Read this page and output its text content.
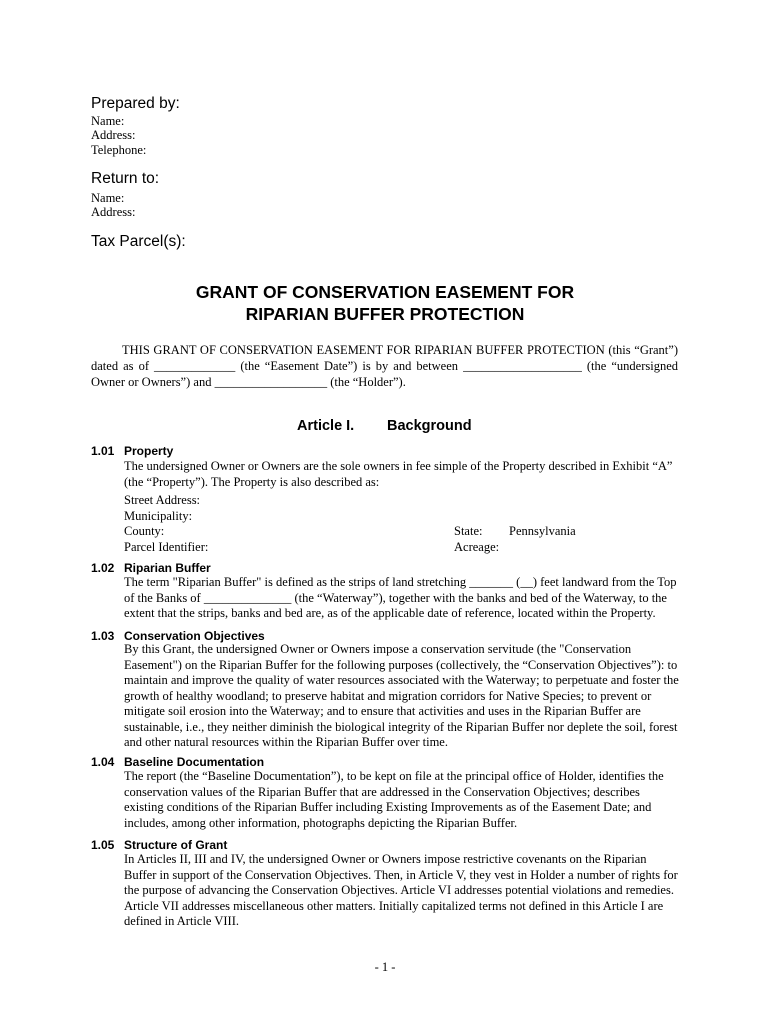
Prepared by:
Name:
Address:
Telephone:
Return to:
Name:
Address:
Tax Parcel(s):
GRANT OF CONSERVATION EASEMENT FOR
RIPARIAN BUFFER PROTECTION
THIS GRANT OF CONSERVATION EASEMENT FOR RIPARIAN BUFFER PROTECTION (this “Grant”) dated as of _____________ (the “Easement Date”) is by and between ___________________ (the “undersigned Owner or Owners”) and __________________ (the “Holder”).
Article I. Background
1.01 Property

The undersigned Owner or Owners are the sole owners in fee simple of the Property described in Exhibit “A” (the “Property”). The Property is also described as:

Street Address:
Municipality:
County:	State: Pennsylvania
Parcel Identifier:	Acreage:
1.02 Riparian Buffer

The term "Riparian Buffer" is defined as the strips of land stretching _______ (__) feet landward from the Top of the Banks of ______________ (the “Waterway”), together with the banks and bed of the Waterway, to the extent that the strips, banks and bed are, as of the applicable date of reference, located within the Property.

1.03 Conservation Objectives

By this Grant, the undersigned Owner or Owners impose a conservation servitude (the "Conservation Easement") on the Riparian Buffer for the following purposes (collectively, the “Conservation Objectives”): to maintain and improve the quality of water resources associated with the Waterway; to perpetuate and foster the growth of healthy woodland; to preserve habitat and migration corridors for Native Species; to prevent or mitigate soil erosion into the Waterway; and to ensure that activities and uses in the Riparian Buffer are sustainable, i.e., they neither diminish the biological integrity of the Riparian Buffer nor deplete the soil, forest and other natural resources within the Riparian Buffer over time.

1.04 Baseline Documentation

The report (the “Baseline Documentation”), to be kept on file at the principal office of Holder, identifies the conservation values of the Riparian Buffer that are addressed in the Conservation Objectives; describes existing conditions of the Riparian Buffer including Existing Improvements as of the Easement Date; and includes, among other information, photographs depicting the Riparian Buffer.

1.05 Structure of Grant

In Articles II, III and IV, the undersigned Owner or Owners impose restrictive covenants on the Riparian Buffer in support of the Conservation Objectives. Then, in Article V, they vest in Holder a number of rights for the purpose of advancing the Conservation Objectives. Article VI addresses potential violations and remedies. Article VII addresses miscellaneous other matters. Initially capitalized terms not defined in this Article I are defined in Article VIII.

- 1 -
